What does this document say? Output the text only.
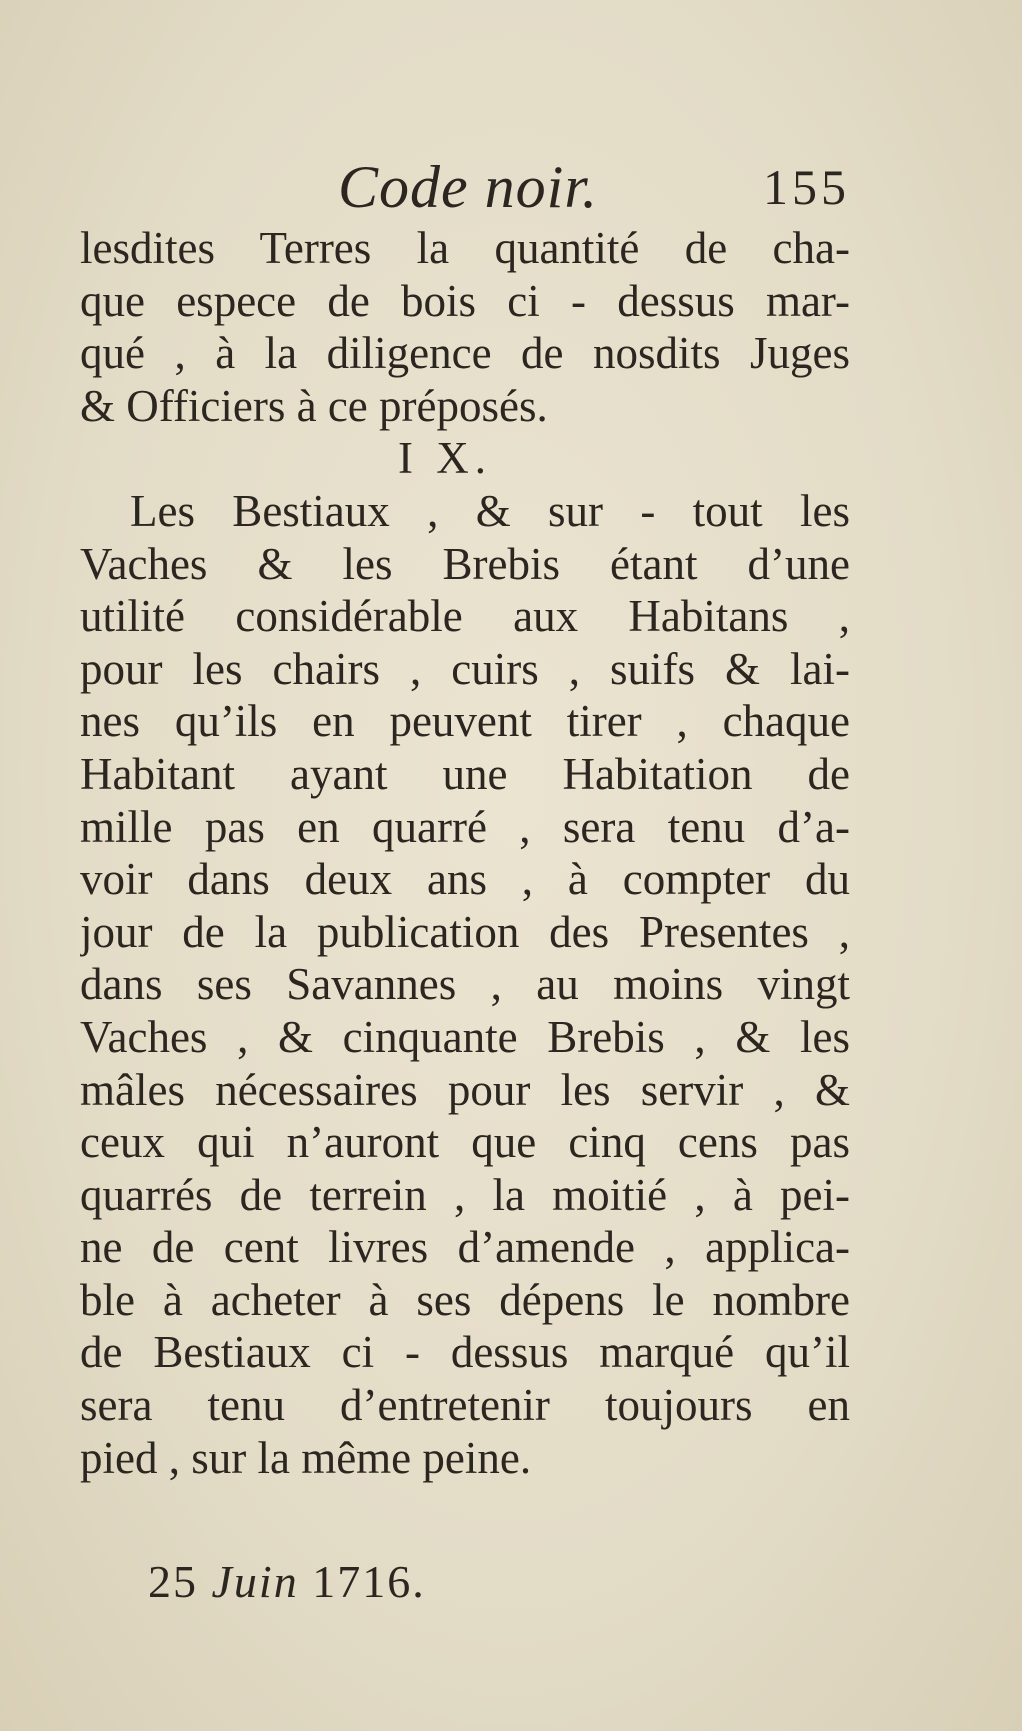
Code noir.	155
lesdites Terres la quantité de cha-
que espece de bois ci - dessus mar-
qué , à la diligence de nosdits Juges
& Officiers à ce préposés.
I X.
Les Bestiaux , & sur - tout les
Vaches & les Brebis étant d’une
utilité considérable aux Habitans ,
pour les chairs , cuirs , suifs & lai-
nes qu’ils en peuvent tirer , chaque
Habitant ayant une Habitation de
mille pas en quarré , sera tenu d’a-
voir dans deux ans , à compter du
jour de la publication des Presentes ,
dans ses Savannes , au moins vingt
Vaches , & cinquante Brebis , & les
mâles nécessaires pour les servir , &
ceux qui n’auront que cinq cens pas
quarrés de terrein , la moitié , à pei-
ne de cent livres d’amende , applica-
ble à acheter à ses dépens le nombre
de Bestiaux ci - dessus marqué qu’il
sera tenu d’entretenir toujours en
pied , sur la même peine.
25 Juin 1716.
